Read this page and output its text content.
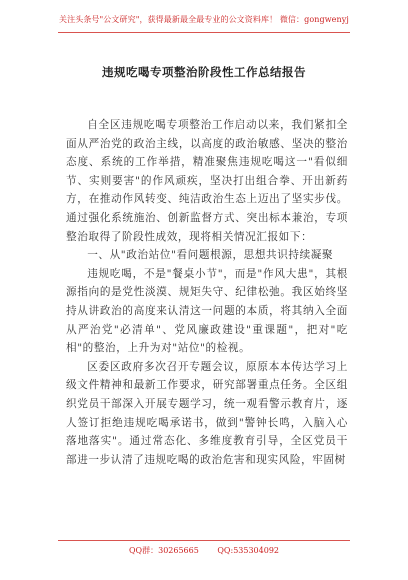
关注头条号"公文研究"，获得最新最全最专业的公文资料库！ 微信：gongwenyj
违规吃喝专项整治阶段性工作总结报告

自全区违规吃喝专项整治工作启动以来，我们紧扣全面从严治党的政治主线，以高度的政治敏感、坚决的整治态度、系统的工作举措，精准聚焦违规吃喝这一"看似细节、实则要害"的作风顽疾，坚决打出组合拳、开出新药方，在推动作风转变、纯洁政治生态上迈出了坚实步伐。通过强化系统施治、创新监督方式、突出标本兼治，专项整治取得了阶段性成效，现将相关情况汇报如下：

一、从"政治站位"看问题根源，思想共识持续凝聚

违规吃喝，不是"餐桌小节"，而是"作风大患"，其根源指向的是党性淡漠、规矩失守、纪律松弛。我区始终坚持从讲政治的高度来认清这一问题的本质，将其纳入全面从严治党"必清单"、党风廉政建设"重课题"，把对"吃相"的整治，上升为对"站位"的检视。

区委区政府多次召开专题会议，原原本本传达学习上级文件精神和最新工作要求，研究部署重点任务。全区组织党员干部深入开展专题学习，统一观看警示教育片，逐人签订拒绝违规吃喝承诺书，做到"警钟长鸣，入脑入心落地落实"。通过常态化、多维度教育引导，全区党员干部进一步认清了违规吃喝的政治危害和现实风险，牢固树

QQ群：30265665 QQ:535304092
